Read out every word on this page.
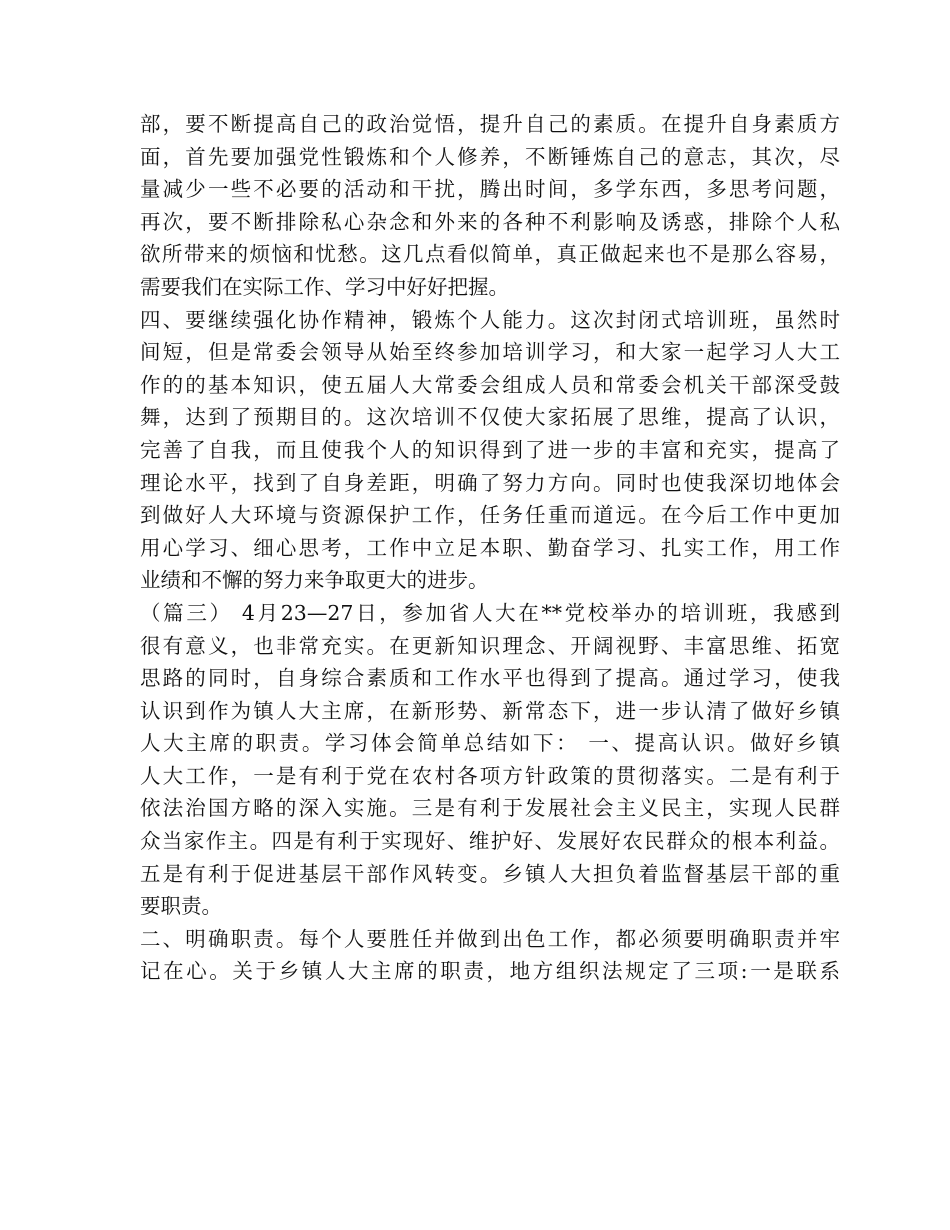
部，要不断提高自己的政治觉悟，提升自己的素质。在提升自身素质方
面，首先要加强党性锻炼和个人修养，不断锤炼自己的意志，其次，尽
量减少一些不必要的活动和干扰，腾出时间，多学东西，多思考问题，
再次，要不断排除私心杂念和外来的各种不利影响及诱惑，排除个人私
欲所带来的烦恼和忧愁。这几点看似简单，真正做起来也不是那么容易，
需要我们在实际工作、学习中好好把握。
四、要继续强化协作精神，锻炼个人能力。这次封闭式培训班，虽然时
间短，但是常委会领导从始至终参加培训学习，和大家一起学习人大工
作的的基本知识，使五届人大常委会组成人员和常委会机关干部深受鼓
舞，达到了预期目的。这次培训不仅使大家拓展了思维，提高了认识，
完善了自我，而且使我个人的知识得到了进一步的丰富和充实，提高了
理论水平，找到了自身差距，明确了努力方向。同时也使我深切地体会
到做好人大环境与资源保护工作，任务任重而道远。在今后工作中更加
用心学习、细心思考，工作中立足本职、勤奋学习、扎实工作，用工作
业绩和不懈的努力来争取更大的进步。
（篇三） 4月23—27日，参加省人大在**党校举办的培训班，我感到
很有意义，也非常充实。在更新知识理念、开阔视野、丰富思维、拓宽
思路的同时，自身综合素质和工作水平也得到了提高。通过学习，使我
认识到作为镇人大主席，在新形势、新常态下，进一步认清了做好乡镇
人大主席的职责。学习体会简单总结如下： 一、提高认识。做好乡镇
人大工作，一是有利于党在农村各项方针政策的贯彻落实。二是有利于
依法治国方略的深入实施。三是有利于发展社会主义民主，实现人民群
众当家作主。四是有利于实现好、维护好、发展好农民群众的根本利益。
五是有利于促进基层干部作风转变。乡镇人大担负着监督基层干部的重
要职责。
二、明确职责。每个人要胜任并做到出色工作，都必须要明确职责并牢
记在心。关于乡镇人大主席的职责，地方组织法规定了三项:一是联系
